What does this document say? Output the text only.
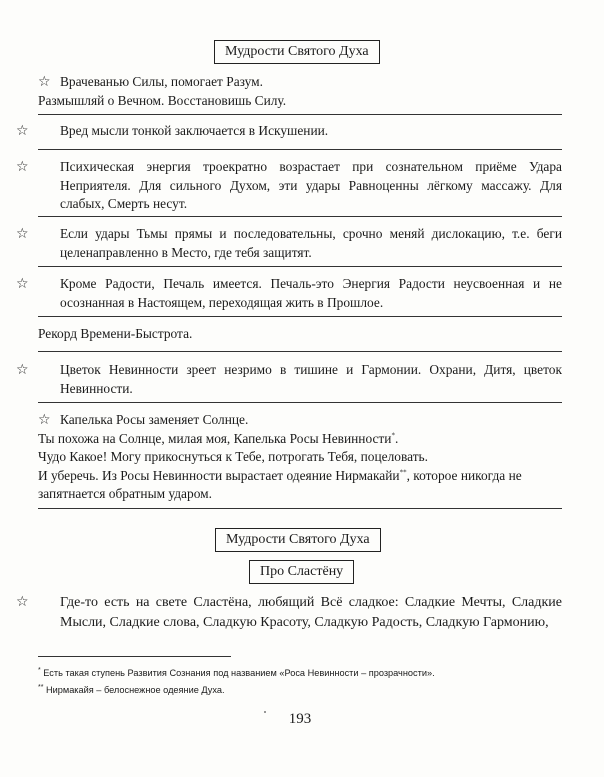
Мудрости Святого Духа
☆ Врачеванью Силы, помогает Разум.
Размышляй о Вечном. Восстановишь Силу.
☆ Вред мысли тонкой заключается в Искушении.
☆ Психическая энергия троекратно возрастает при сознательном приёме Удара Неприятеля. Для сильного Духом, эти удары Равноценны лёгкому массажу. Для слабых, Смерть несут.
☆ Если удары Тьмы прямы и последовательны, срочно меняй дислокацию, т.е. беги целенаправленно в Место, где тебя защитят.
☆ Кроме Радости, Печаль имеется. Печаль-это Энергия Радости неусвоенная и не осознанная в Настоящем, переходящая жить в Прошлое.
Рекорд Времени-Быстрота.
☆ Цветок Невинности зреет незримо в тишине и Гармонии. Охрани, Дитя, цветок Невинности.
☆ Капелька Росы заменяет Солнце.
Ты похожа на Солнце, милая моя, Капелька Росы Невинности*.
Чудо Какое! Могу прикоснуться к Тебе, потрогать Тебя, поцеловать.
И уберечь. Из Росы Невинности вырастает одеяние Нирмакайи**, которое никогда не
запятнается обратным ударом.
Мудрости Святого Духа
Про Сластёну
☆ Где-то есть на свете Сластёна, любящий Всё сладкое: Сладкие Мечты, Сладкие Мысли, Сладкие слова, Сладкую Красоту, Сладкую Радость, Сладкую Гармонию,
* Есть такая ступень Развития Сознания под названием «Роса Невинности – прозрачности».
** Нирмакайя – белоснежное одеяние Духа.
193
